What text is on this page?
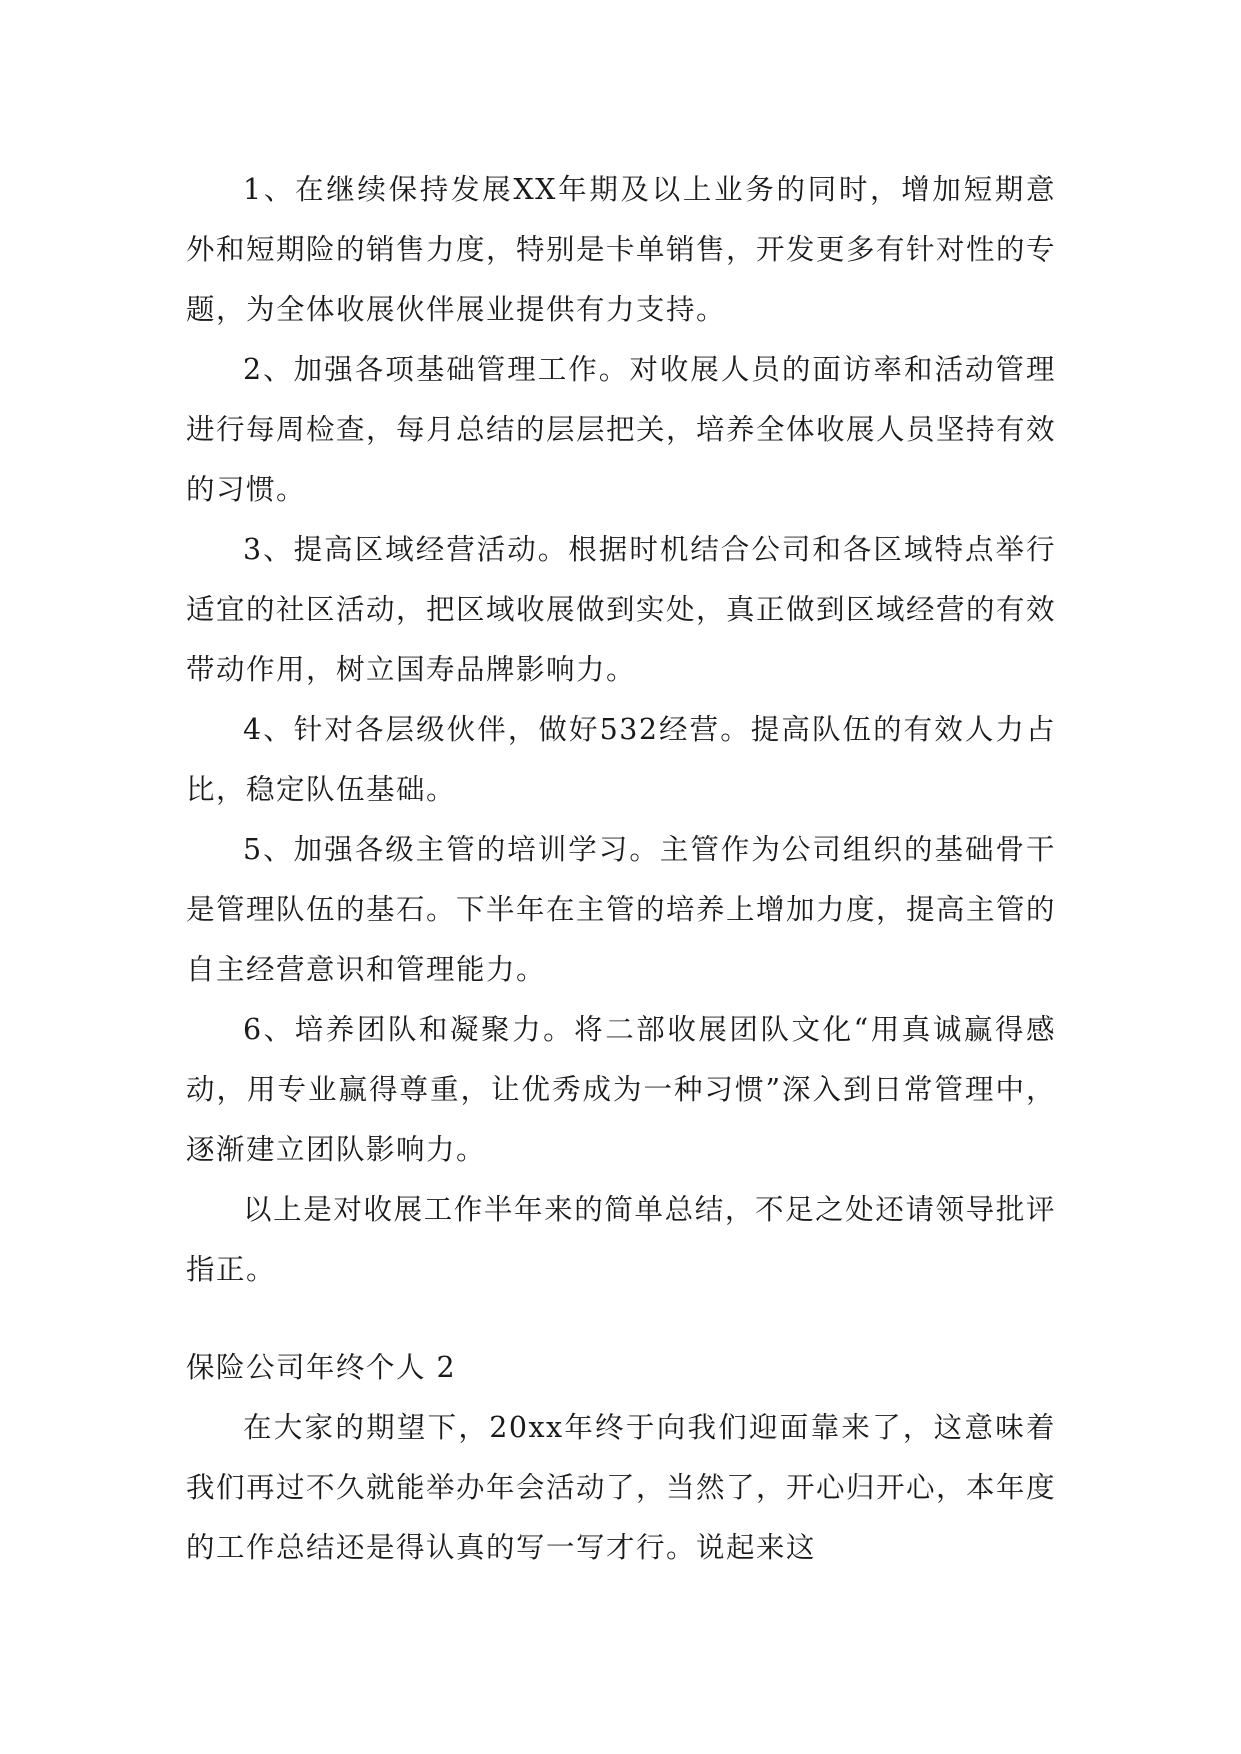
1、在继续保持发展XX年期及以上业务的同时，增加短期意外和短期险的销售力度，特别是卡单销售，开发更多有针对性的专题，为全体收展伙伴展业提供有力支持。

2、加强各项基础管理工作。对收展人员的面访率和活动管理进行每周检查，每月总结的层层把关，培养全体收展人员坚持有效的习惯。

3、提高区域经营活动。根据时机结合公司和各区域特点举行适宜的社区活动，把区域收展做到实处，真正做到区域经营的有效带动作用，树立国寿品牌影响力。

4、针对各层级伙伴，做好532经营。提高队伍的有效人力占比，稳定队伍基础。

5、加强各级主管的培训学习。主管作为公司组织的基础骨干是管理队伍的基石。下半年在主管的培养上增加力度，提高主管的自主经营意识和管理能力。

6、培养团队和凝聚力。将二部收展团队文化“用真诚赢得感动，用专业赢得尊重，让优秀成为一种习惯”深入到日常管理中，逐渐建立团队影响力。

以上是对收展工作半年来的简单总结，不足之处还请领导批评指正。

保险公司年终个人 2

在大家的期望下，20xx年终于向我们迎面靠来了，这意味着我们再过不久就能举办年会活动了，当然了，开心归开心，本年度的工作总结还是得认真的写一写才行。说起来这
